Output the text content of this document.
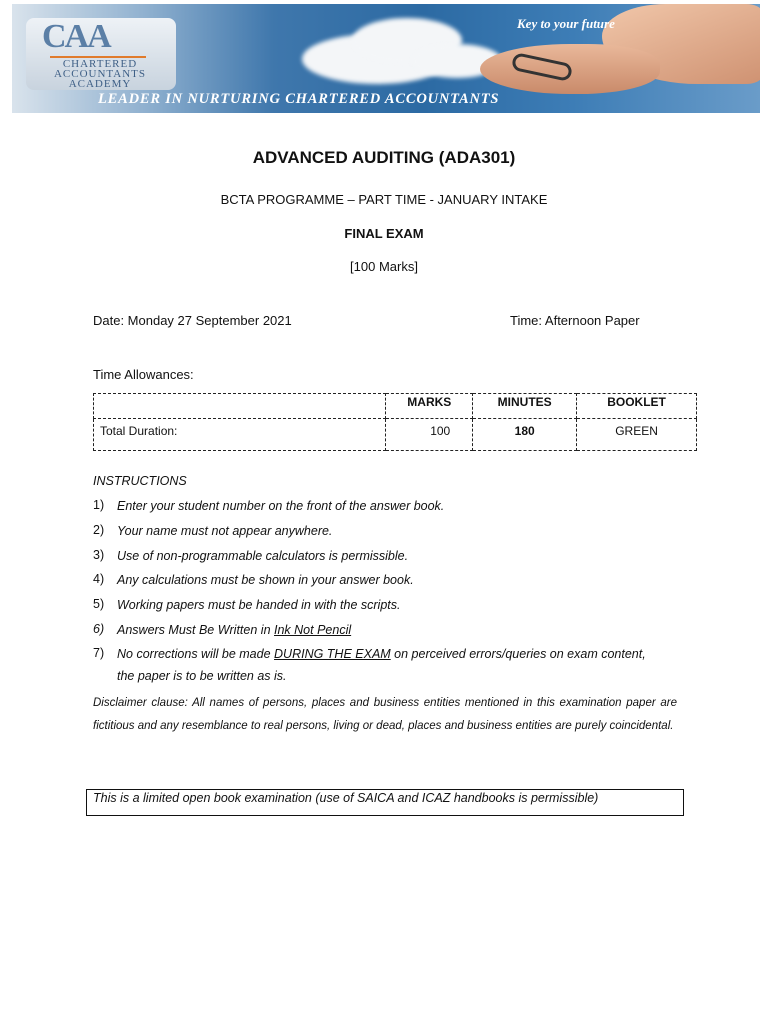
CAA
CHARTERED
ACCOUNTANTS
ACADEMY
Key to your future
LEADER IN NURTURING CHARTERED ACCOUNTANTS
ADVANCED AUDITING (ADA301)
BCTA PROGRAMME – PART TIME - JANUARY INTAKE
FINAL EXAM
[100 Marks]
Date: Monday 27 September 2021	Time: Afternoon Paper
Time Allowances:
	MARKS	MINUTES	BOOKLET
Total Duration:	100	180	GREEN
INSTRUCTIONS
1) Enter your student number on the front of the answer book.
2) Your name must not appear anywhere.
3) Use of non-programmable calculators is permissible.
4) Any calculations must be shown in your answer book.
5) Working papers must be handed in with the scripts.
6) Answers Must Be Written in Ink Not Pencil
7) No corrections will be made DURING THE EXAM on perceived errors/queries on exam content, the paper is to be written as is.
Disclaimer clause: All names of persons, places and business entities mentioned in this examination paper are fictitious and any resemblance to real persons, living or dead, places and business entities are purely coincidental.
This is a limited open book examination (use of SAICA and ICAZ handbooks is permissible)
